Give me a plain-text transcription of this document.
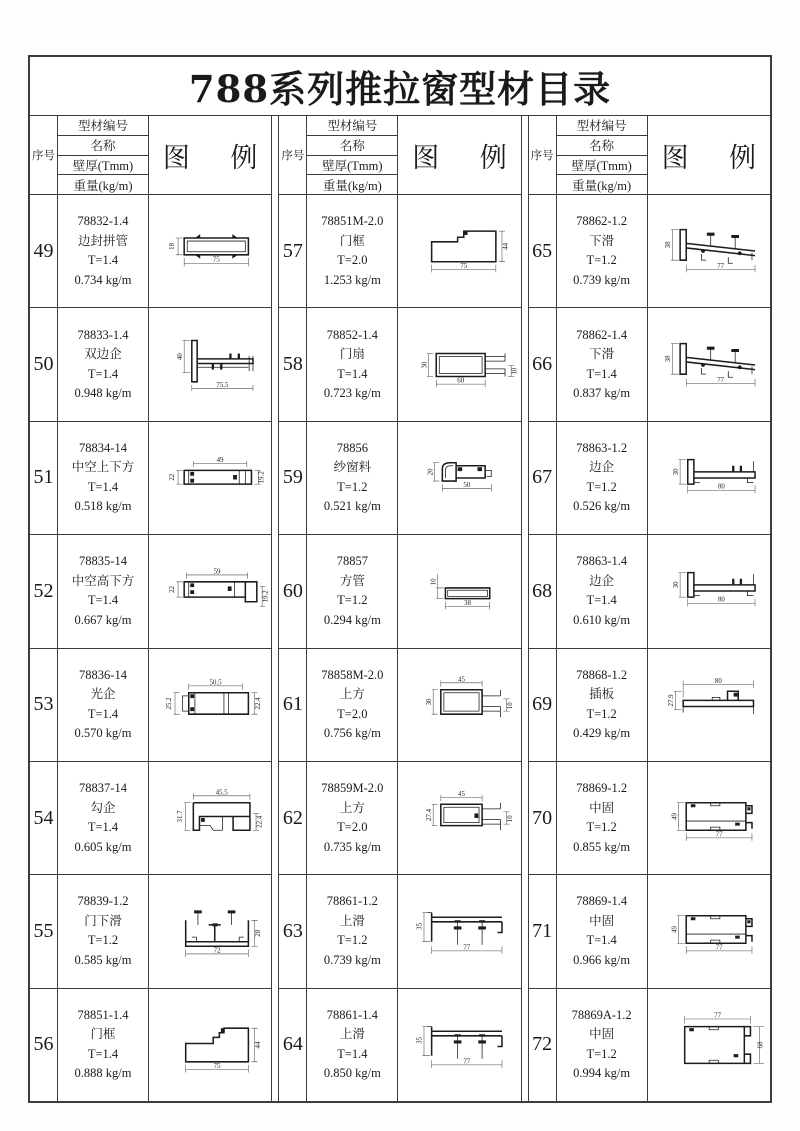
788系列推拉窗型材目录
序号
型材编号
名称
壁厚(Tmm)
重量(kg/m)
图      例
49
78832-1.4
边封拼管
T=1.4
0.734 kg/m
18
75
50
78833-1.4
双边企
T=1.4
0.948 kg/m
40
75.5
51
78834-14
中空上下方
T=1.4
0.518 kg/m
49
19.2
22
52
78835-14
中空高下方
T=1.4
0.667 kg/m
59
22
19.2
53
78836-14
光企
T=1.4
0.570 kg/m
50.5
22.4
25.2
54
78837-14
勾企
T=1.4
0.605 kg/m
45.5
31.7	22.4
55
78839-1.2
门下滑
T=1.2
0.585 kg/m
72
28
56
78851-1.4
门框
T=1.4
0.888 kg/m
75
44
序号
型材编号
名称
壁厚(Tmm)
重量(kg/m)
图      例
57
78851M-2.0
门框
T=2.0
1.253 kg/m
75
44
58
78852-1.4
门扇
T=1.4
0.723 kg/m
30
60
10
59
78856
纱窗料
T=1.2
0.521 kg/m
20
50
60
78857
方管
T=1.2
0.294 kg/m
10
38
61
78858M-2.0
上方
T=2.0
0.756 kg/m
45
30
10
62
78859M-2.0
上方
T=2.0
0.735 kg/m
45
27.4	10
63
78861-1.2
上滑
T=1.2
0.739 kg/m
35
77
64
78861-1.4
上滑
T=1.4
0.850 kg/m
35
77
序号
型材编号
名称
壁厚(Tmm)
重量(kg/m)
图      例
65
78862-1.2
下滑
T=1.2
0.739 kg/m
38
77
66
78862-1.4
下滑
T=1.4
0.837 kg/m
38
77
67
78863-1.2
边企
T=1.2
0.526 kg/m
30
80
68
78863-1.4
边企
T=1.4
0.610 kg/m
30
80
69
78868-1.2
插板
T=1.2
0.429 kg/m
80
27.9
70
78869-1.2
中固
T=1.2
0.855 kg/m
49
77
71
78869-1.4
中固
T=1.4
0.966 kg/m
49
77
72
78869A-1.2
中固
T=1.2
0.994 kg/m
77
68
